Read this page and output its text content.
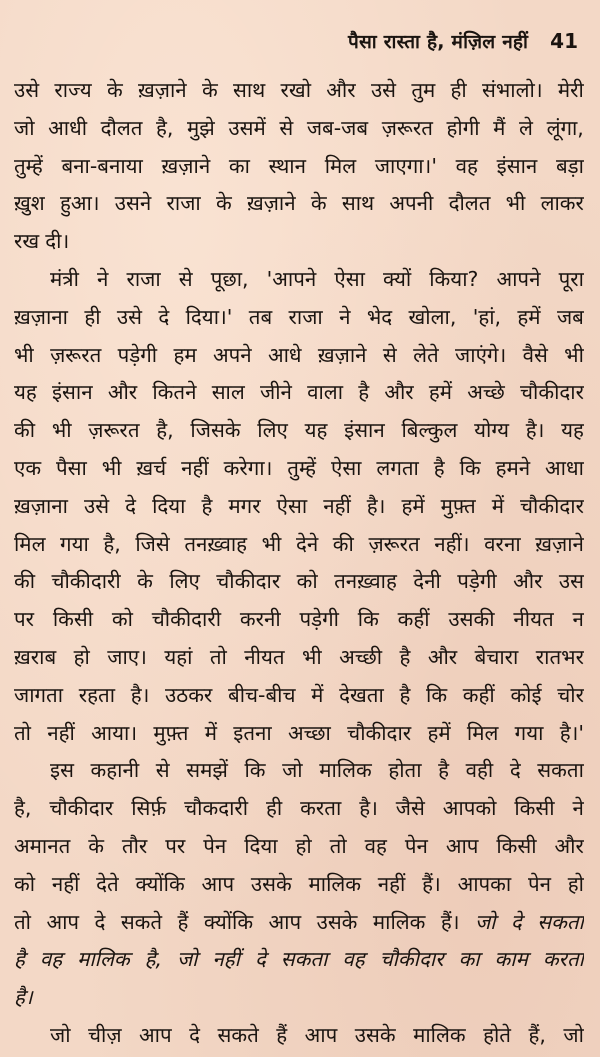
पैसा रास्ता है, मंज़िल नहीं 41
उसे राज्य के ख़ज़ाने के साथ रखो और उसे तुम ही संभालो। मेरी
जो आधी दौलत है, मुझे उसमें से जब-जब ज़रूरत होगी मैं ले लूंगा,
तुम्हें बना-बनाया ख़ज़ाने का स्थान मिल जाएगा।' वह इंसान बड़ा
ख़ुश हुआ। उसने राजा के ख़ज़ाने के साथ अपनी दौलत भी लाकर
रख दी।
मंत्री ने राजा से पूछा, 'आपने ऐसा क्यों किया? आपने पूरा
ख़ज़ाना ही उसे दे दिया।' तब राजा ने भेद खोला, 'हां, हमें जब
भी ज़रूरत पड़ेगी हम अपने आधे ख़ज़ाने से लेते जाएंगे। वैसे भी
यह इंसान और कितने साल जीने वाला है और हमें अच्छे चौकीदार
की भी ज़रूरत है, जिसके लिए यह इंसान बिल्कुल योग्य है। यह
एक पैसा भी ख़र्च नहीं करेगा। तुम्हें ऐसा लगता है कि हमने आधा
ख़ज़ाना उसे दे दिया है मगर ऐसा नहीं है। हमें मुफ़्त में चौकीदार
मिल गया है, जिसे तनख़्वाह भी देने की ज़रूरत नहीं। वरना ख़ज़ाने
की चौकीदारी के लिए चौकीदार को तनख़्वाह देनी पड़ेगी और उस
पर किसी को चौकीदारी करनी पड़ेगी कि कहीं उसकी नीयत न
ख़राब हो जाए। यहां तो नीयत भी अच्छी है और बेचारा रातभर
जागता रहता है। उठकर बीच-बीच में देखता है कि कहीं कोई चोर
तो नहीं आया। मुफ़्त में इतना अच्छा चौकीदार हमें मिल गया है।'
इस कहानी से समझें कि जो मालिक होता है वही दे सकता
है, चौकीदार सिर्फ़ चौकदारी ही करता है। जैसे आपको किसी ने
अमानत के तौर पर पेन दिया हो तो वह पेन आप किसी और
को नहीं देते क्योंकि आप उसके मालिक नहीं हैं। आपका पेन हो
तो आप दे सकते हैं क्योंकि आप उसके मालिक हैं। जो दे सकता
है वह मालिक है, जो नहीं दे सकता वह चौकीदार का काम करता
है।
जो चीज़ आप दे सकते हैं आप उसके मालिक होते हैं, जो
